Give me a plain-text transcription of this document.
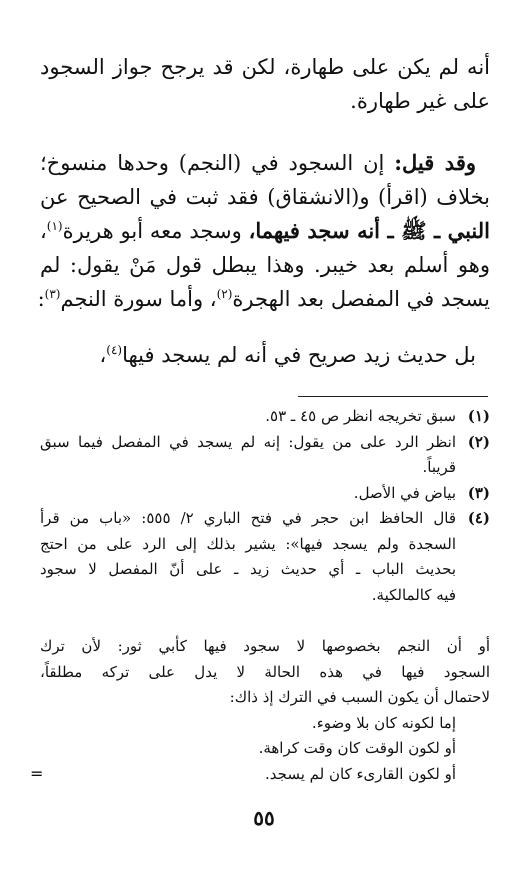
أنه لم يكن على طهارة، لكن قد يرجح جواز السجود
على غير طهارة.
وقد قيل: إن السجود في (النجم) وحدها منسوخ؛
بخلاف (اقرأ) و(الانشقاق) فقد ثبت في الصحيح عن
النبي ـ ﷺ ـ أنه سجد فيهما، وسجد معه أبو هريرة$^{(١)}$،
وهو أسلم بعد خيبر. وهذا يبطل قول مَنْ يقول: لم
يسجد في المفصل بعد الهجرة$^{(٢)}$، وأما سورة النجم$^{(٣)}$:
بل حديث زيد صريح في أنه لم يسجد فيها$^{(٤)}$،
(١)
سبق تخريجه انظر ص ٤٥ ـ ٥٣.
(٢)
انظر الرد على من يقول: إنه لم يسجد في المفصل فيما سبق
قريباً.
(٣)
بياض في الأصل.
(٤)
قال الحافظ ابن حجر في فتح الباري ٢/ ٥٥٥: «باب من قرأ
السجدة ولم يسجد فيها»: يشير بذلك إلى الرد على من احتج
بحديث الباب ـ أي حديث زيد ـ على أنّ المفصل لا سجود
فيه كالمالكية.
أو أن النجم بخصوصها لا سجود فيها كأبي ثور: لأن ترك
السجود فيها في هذه الحالة لا يدل على تركه مطلقاً،
لاحتمال أن يكون السبب في الترك إذ ذاك:
إما لكونه كان بلا وضوء.
أو لكون الوقت كان وقت كراهة.
أو لكون القارىء كان لم يسجد.
=
٥٥
